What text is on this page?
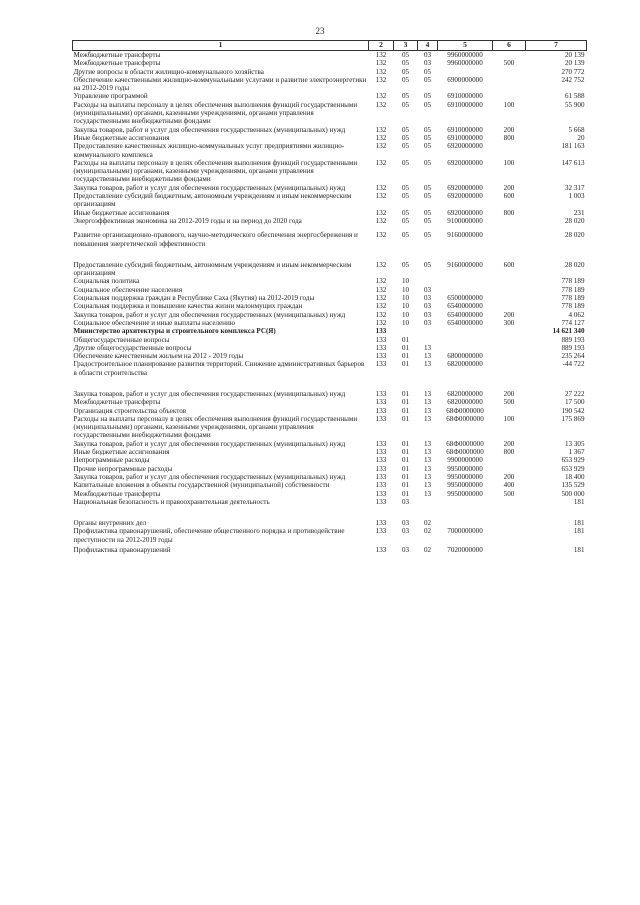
23
1	2	3	4	5	6	7
Межбюджетные трансферты	132	05	03	9960000000		20 139
Межбюджетные трансферты	132	05	03	9960000000	500	20 139
Другие вопросы в области жилищно-коммунального хозяйства	132	05	05			270 772
Обеспечение качественными жилищно-коммунальными услугами и развитие электроэнергетики на 2012-2019 годы	132	05	05	6900000000		242 752
Управление программой	132	05	05	6910000000		61 588
Расходы на выплаты персоналу в целях обеспечения выполнения функций государственными (муниципальными) органами, казенными учреждениями, органами управления государственными внебюджетными фондами	132	05	05	6910000000	100	55 900
Закупка товаров, работ и услуг для обеспечения государственных (муниципальных) нужд	132	05	05	6910000000	200	5 668
Иные бюджетные ассигнования	132	05	05	6910000000	800	20
Предоставление качественных жилищно-коммунальных услуг предприятиями жилищно-коммунального комплекса	132	05	05	6920000000		181 163
Расходы на выплаты персоналу в целях обеспечения выполнения функций государственными (муниципальными) органами, казенными учреждениями, органами управления государственными внебюджетными фондами	132	05	05	6920000000	100	147 613
Закупка товаров, работ и услуг для обеспечения государственных (муниципальных) нужд	132	05	05	6920000000	200	32 317
Предоставление субсидий бюджетным, автономным учреждениям и иным некоммерческим организациям	132	05	05	6920000000	600	1 003
Иные бюджетные ассигнования	132	05	05	6920000000	800	231
Энергоэффективная экономика на 2012-2019 годы и на период до 2020 года	132	05	05	9100000000		28 020
Развитие организационно-правового, научно-методического обеспечения энергосбережения и повышения энергетической эффективности	132	05	05	9160000000		28 020
Предоставление субсидий бюджетным, автономным учреждениям и иным некоммерческим организациям	132	05	05	9160000000	600	28 020
Социальная политика	132	10				778 189
Социальное обеспечение населения	132	10	03			778 189
Социальная поддержка граждан в Республике Саха (Якутия) на 2012-2019 годы	132	10	03	6500000000		778 189
Социальная поддержка и повышение качества жизни малоимущих граждан	132	10	03	6540000000		778 189
Закупка товаров, работ и услуг для обеспечения государственных (муниципальных) нужд	132	10	03	6540000000	200	4 062
Социальное обеспечение и иные выплаты населению	132	10	03	6540000000	300	774 127
Министерство архитектуры и строительного комплекса РС(Я)	133					14 621 340
Общегосударственные вопросы	133	01				889 193
Другие общегосударственные вопросы	133	01	13			889 193
Обеспечение качественным жильем на 2012 - 2019 годы	133	01	13	6800000000		235 264
Градостроительное планирование развития территорий. Снижение административных барьеров в области строительства	133	01	13	6820000000		-44 722
Закупка товаров, работ и услуг для обеспечения государственных (муниципальных) нужд	133	01	13	6820000000	200	27 222
Межбюджетные трансферты	133	01	13	6820000000	500	17 500
Организация строительства объектов	133	01	13	68Ф0000000		190 542
Расходы на выплаты персоналу в целях обеспечения выполнения функций государственными (муниципальными) органами, казенными учреждениями, органами управления государственными внебюджетными фондами	133	01	13	68Ф0000000	100	175 869
Закупка товаров, работ и услуг для обеспечения государственных (муниципальных) нужд	133	01	13	68Ф0000000	200	13 305
Иные бюджетные ассигнования	133	01	13	68Ф0000000	800	1 367
Непрограммные расходы	133	01	13	9900000000		653 929
Прочие непрограммные расходы	133	01	13	9950000000		653 929
Закупка товаров, работ и услуг для обеспечения государственных (муниципальных) нужд	133	01	13	9950000000	200	18 400
Капитальные вложения в объекты государственной (муниципальной) собственности	133	01	13	9950000000	400	135 529
Межбюджетные трансферты	133	01	13	9950000000	500	500 000
Национальная безопасность и правоохранительная деятельность	133	03				181
Органы внутренних дел	133	03	02			181
Профилактика правонарушений, обеспечение общественного порядка и противодействие преступности на 2012-2019 годы	133	03	02	7000000000		181
Профилактика правонарушений	133	03	02	7020000000		181
